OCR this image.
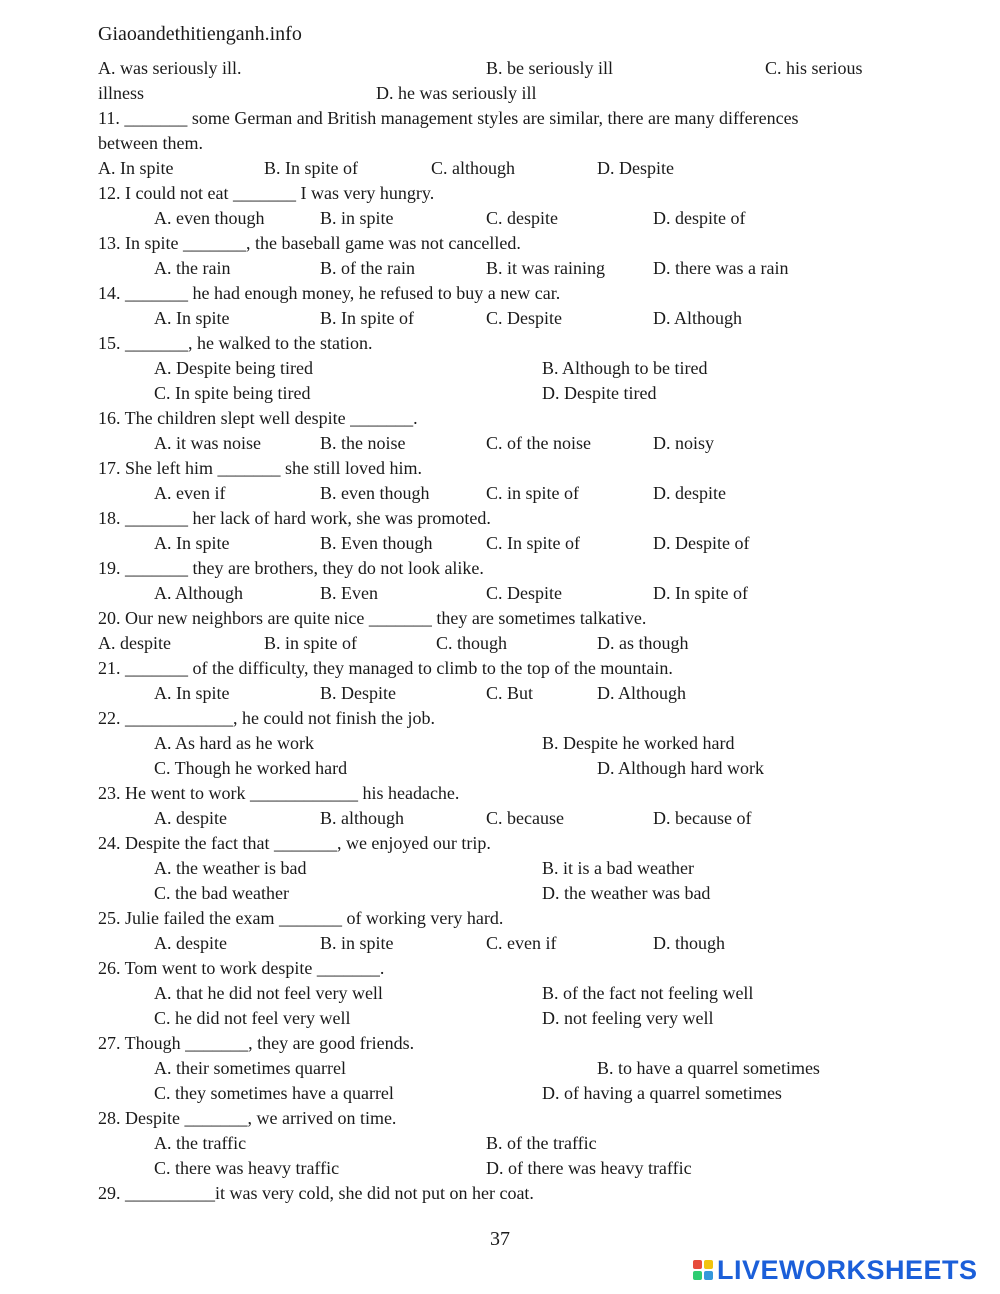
Giaoandethitienganh.info
A. was seriously ill.	B. be seriously ill	C. his serious
illness	D. he was seriously ill
11. _______ some German and British management styles are similar, there are many differences
between them.
A. In spite	B. In spite of	C. although	D. Despite
12. I could not eat _______ I was very hungry.
A. even though	B. in spite	C. despite	D. despite of
13. In spite _______, the baseball game was not cancelled.
A. the rain	B. of the rain	B. it was raining	D. there was a rain
14. _______ he had enough money, he refused to buy a new car.
A. In spite	B. In spite of	C. Despite	D. Although
15. _______, he walked to the station.
A. Despite being tired	B. Although to be tired
C. In spite being tired	D. Despite tired
16. The children slept well despite _______.
A. it was noise	B. the noise	C. of the noise	D. noisy
17. She left him _______ she still loved him.
A. even if	B. even though	C. in spite of	D. despite
18. _______ her lack of hard work, she was promoted.
A. In spite	B. Even though	C. In spite of	D. Despite of
19. _______ they are brothers, they do not look alike.
A. Although	B. Even	C. Despite	D. In spite of
20. Our new neighbors are quite nice _______ they are sometimes talkative.
A. despite	B. in spite of	C. though	D. as though
21. _______ of the difficulty, they managed to climb to the top of the mountain.
A. In spite	B. Despite	C. But	D. Although
22. ____________, he could not finish the job.
A. As hard as he work	B. Despite he worked hard
C. Though he worked hard	D. Although hard work
23. He went to work ____________ his headache.
A. despite	B. although	C. because	D. because of
24. Despite the fact that _______, we enjoyed our trip.
A. the weather is bad	B. it is a bad weather
C. the bad weather	D. the weather was bad
25. Julie failed the exam _______ of working very hard.
A. despite	B. in spite	C. even if	D. though
26. Tom went to work despite _______.
A. that he did not feel very well	B. of the fact not feeling well
C. he did not feel very well	D. not feeling very well
27. Though _______, they are good friends.
A. their sometimes quarrel	B. to have a quarrel sometimes
C. they sometimes have a quarrel	D. of having a quarrel sometimes
28. Despite _______, we arrived on time.
A. the traffic	B. of the traffic
C. there was heavy traffic	D. of there was heavy traffic
29. __________it was very cold, she did not put on her coat.
37
LIVEWORKSHEETS
